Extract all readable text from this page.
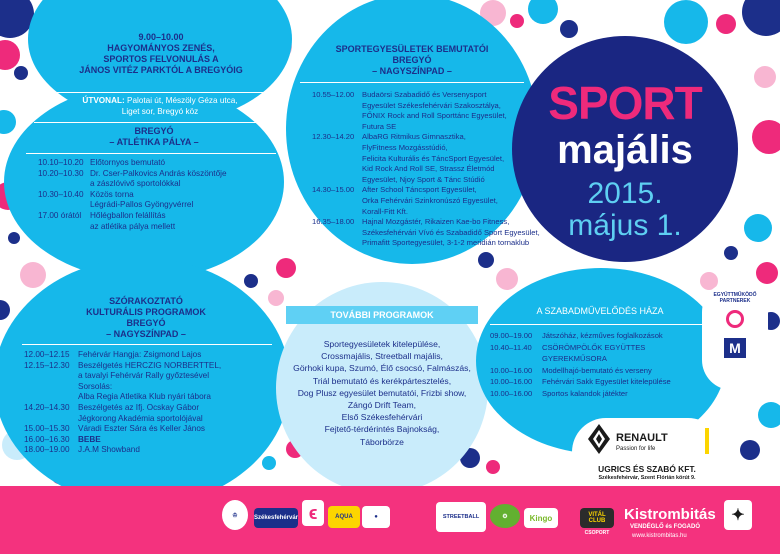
9.00–10.00
HAGYOMÁNYOS ZENÉS,
SPORTOS FELVONULÁS A
JÁNOS VITÉZ PARKTÓL A BREGYÓIG
ÚTVONAL: Palotai út, Mészöly Géza utca,
Liget sor, Bregyó köz
BREGYÓ
– ATLÉTIKA PÁLYA –
10.10–10.20 Előtornyos bemutató
10.20–10.30 Dr. Cser-Palkovics András köszöntője
a zászlóvivő sportolókkal
10.30–10.40 Közös torna
Légrádi-Pallos Gyöngyvérrel
17.00 órától	Hőlégballon felállítás
az atlétika pálya mellett
SPORTEGYESÜLETEK BEMUTATÓI
BREGYÓ
– NAGYSZÍNPAD –
10.55–12.00	Budaörsi Szabadidő és Versenysport
Egyesület Székesfehérvári Szakosztálya,
FŐNIX Rock and Roll Sporttánc Egyesület,
Futura SE
12.30–14.20	AlbaRG Ritmikus Gimnasztika,
FlyFitness Mozgásstúdió,
Felicita Kulturális és TáncSport Egyesület,
Kid Rock And Roll SE, Strassz Életmód
Egyesület, Njoy Sport & Tánc Stúdió
14.30–15.00	After School Táncsport Egyesület,
Orka Fehérvári Szinkronúszó Egyesület,
Korall-Fitt Kft.
16.35–18.00	Hajnal Mozgástér, Rikaizen Kae-bo Fitness,
Székesfehérvári Vívó és Szabadidő Sport Egyesület,
Primafitt Sportegyesület, 3-1-2 meridián tornaklub
SPORT
majális
2015.
május 1.
EGYÜTTMŰKÖDŐ
PARTNEREK
M
SZÓRAKOZTATÓ
KULTURÁLIS PROGRAMOK
BREGYÓ
– NAGYSZÍNPAD –
12.00–12.15	Fehérvár Hangja: Zsigmond Lajos
12.15–12.30	Beszélgetés HERCZIG NORBERTTEL,
a tavalyi Fehérvár Rally győztesével
Sorsolás:
Alba Regia Atletika Klub nyári tábora
14.20–14.30	Beszélgetés az Ifj. Ocskay Gábor
Jégkorong Akadémia sportolójával
15.00–15.30	Váradi Eszter Sára és Keller János
16.00–16.30	BEBE
18.00–19.00	J.A.M Showband
TOVÁBBI PROGRAMOK
Sportegyesületek kitelepülése,
Crossmajális, Streetball majális,
Görhoki kupa, Szumó, Élő csocsó, Falmászás,
Triál bemutató és kerékpártesztelés,
Dog Plusz egyesület bemutatói, Frizbi show,
Zángó Drift Team,
Első Székesfehérvári
Fejtető-térdérintés Bajnokság,
Táborbörze
A SZABADMŰVELŐDÉS HÁZA
09.00–19.00	Játszóház, kézműves foglalkozások
10.40–11.40	CSÖRÖMPÖLŐK EGYÜTTES
GYEREKMŰSORA
10.00–16.00	Modellhajó-bemutató és verseny
10.00–16.00	Fehérvári Sakk Egyesület kitelepülése
10.00–16.00	Sportos kalandok játékter
RENAULT
Passion for life
UGRICS ÉS SZABÓ KFT.
Székesfehérvár, Szent Flórián körút 9.
♔	Székesfehérvár ϵ	AQUA	●	STREETBALL	⚙	Kingo	VITÁL CLUB
CSOPORT
Kistrombitás
VENDÉGLŐ és FOGADÓ
www.kistrombitas.hu
✦
